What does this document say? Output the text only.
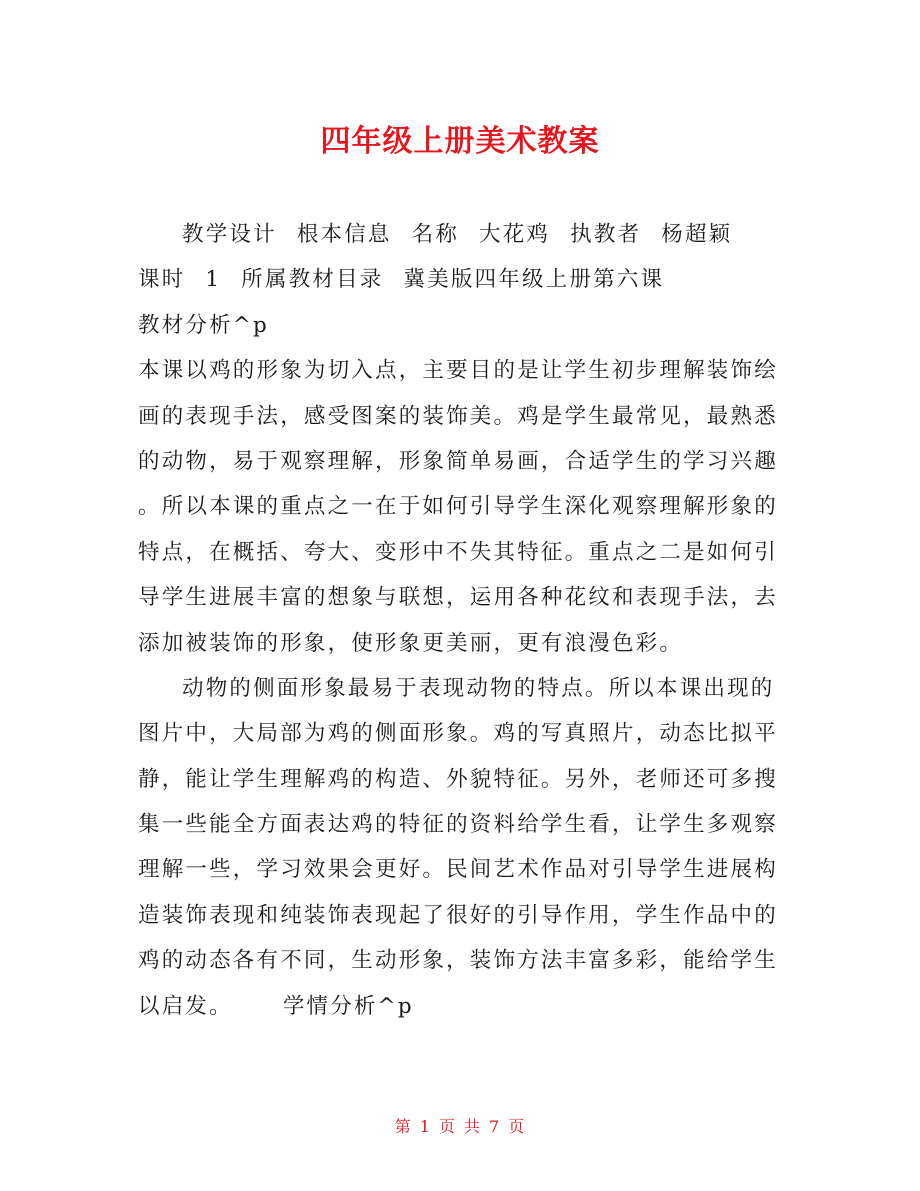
四年级上册美术教案
教学设计 根本信息 名称 大花鸡 执教者 杨超颖
课时 1 所属教材目录 冀美版四年级上册第六课
教材分析^p
本课以鸡的形象为切入点，主要目的是让学生初步理解装饰绘
画的表现手法，感受图案的装饰美。鸡是学生最常见，最熟悉
的动物，易于观察理解，形象简单易画，合适学生的学习兴趣
。所以本课的重点之一在于如何引导学生深化观察理解形象的
特点，在概括、夸大、变形中不失其特征。重点之二是如何引
导学生进展丰富的想象与联想，运用各种花纹和表现手法，去
添加被装饰的形象，使形象更美丽，更有浪漫色彩。
动物的侧面形象最易于表现动物的特点。所以本课出现的
图片中，大局部为鸡的侧面形象。鸡的写真照片，动态比拟平
静，能让学生理解鸡的构造、外貌特征。另外，老师还可多搜
集一些能全方面表达鸡的特征的资料给学生看，让学生多观察
理解一些，学习效果会更好。民间艺术作品对引导学生进展构
造装饰表现和纯装饰表现起了很好的引导作用，学生作品中的
鸡的动态各有不同，生动形象，装饰方法丰富多彩，能给学生
以启发。 学情分析^p
第 1 页 共 7 页
